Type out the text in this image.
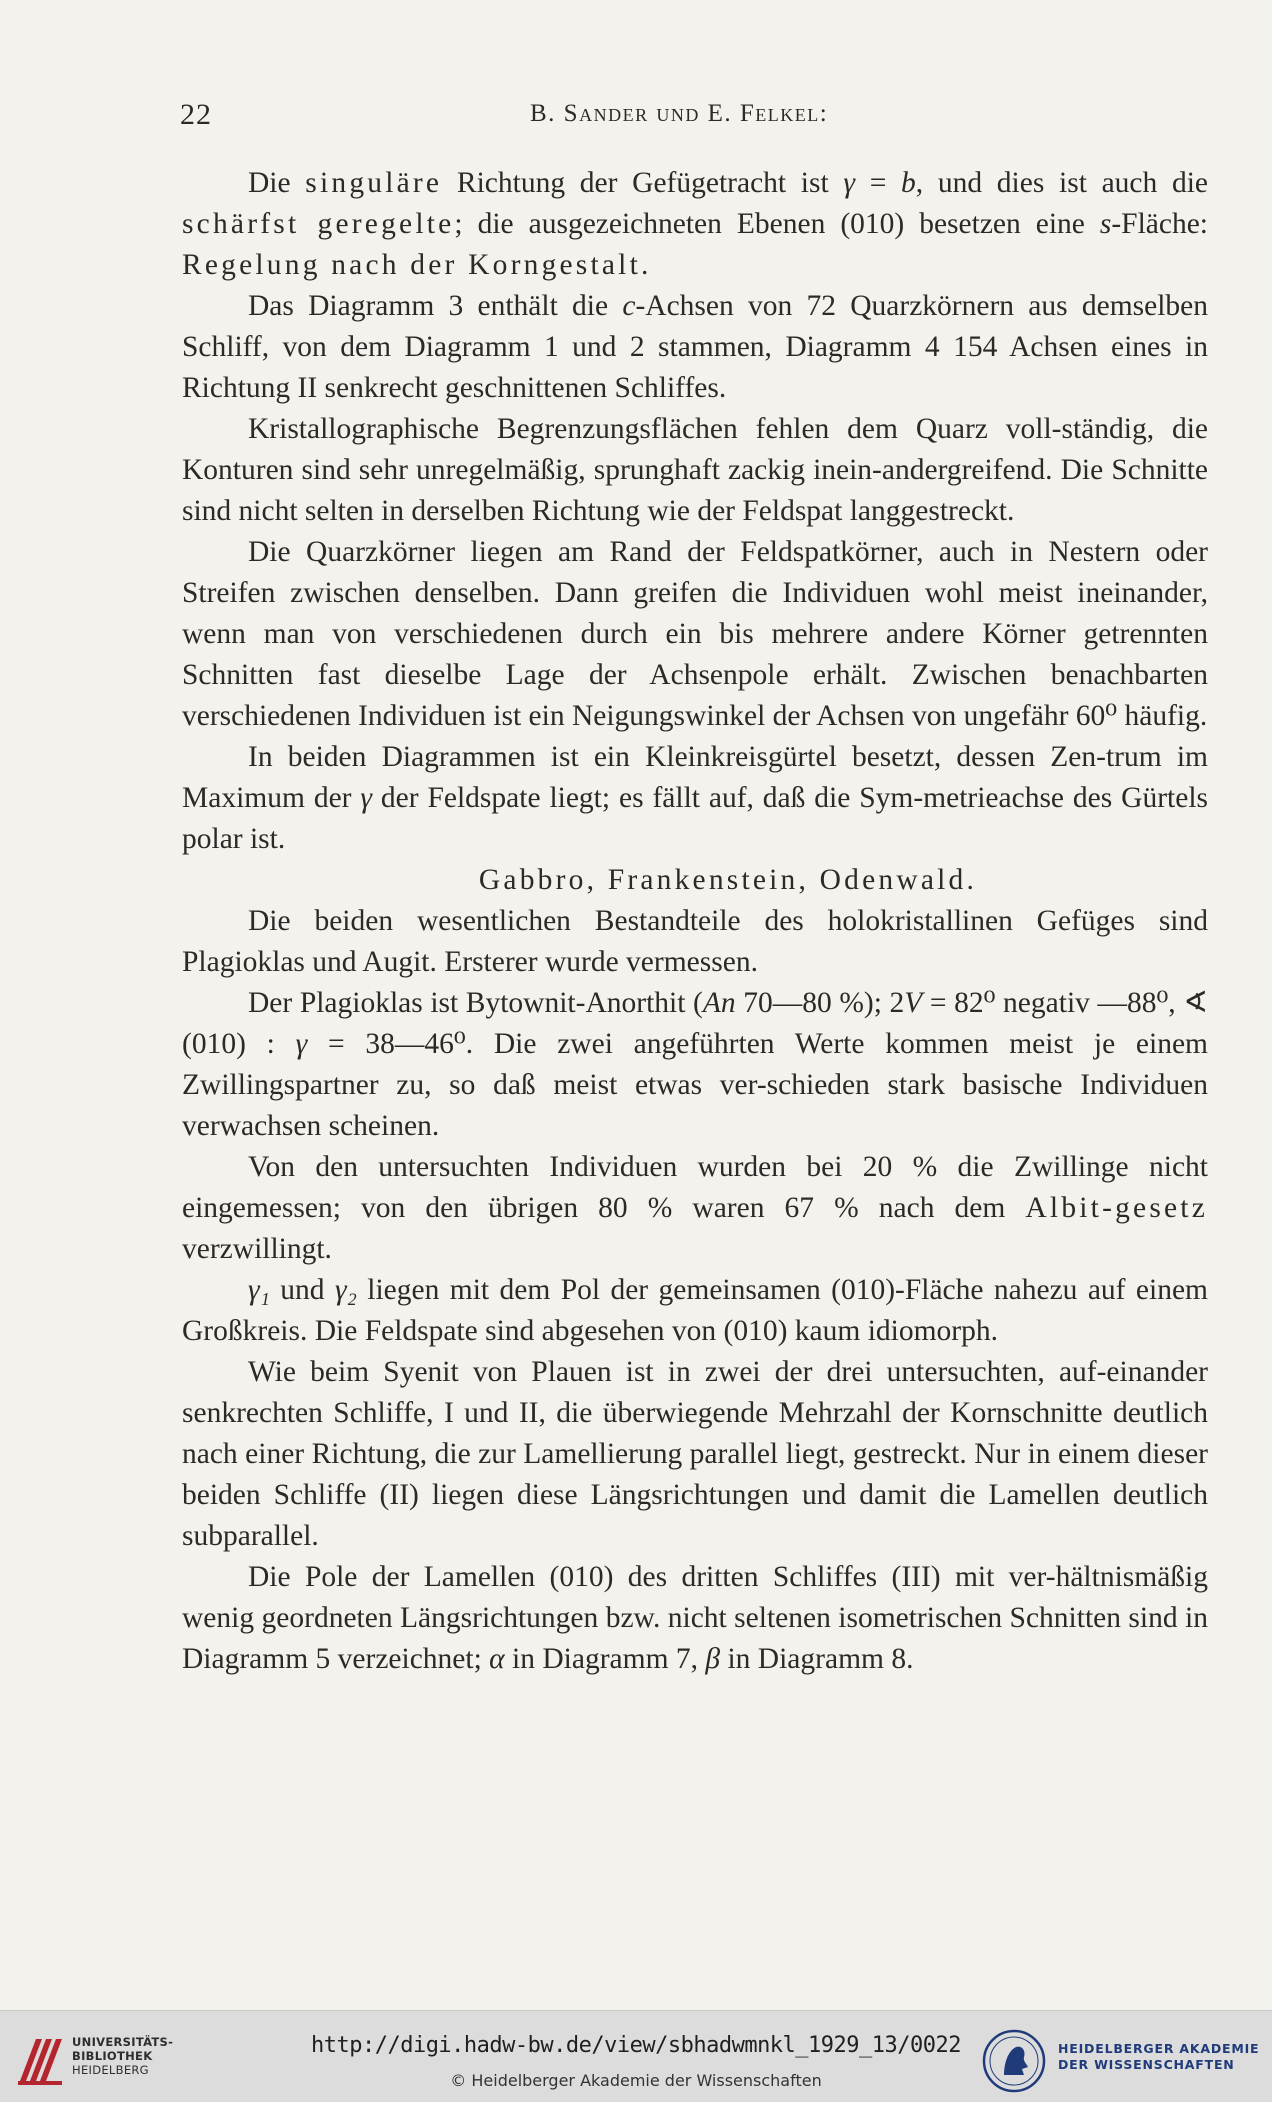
22	B. Sander und E. Felkel:

Die singuläre Richtung der Gefügetracht ist γ = b, und dies ist auch die schärfst geregelte; die ausgezeichneten Ebenen (010) besetzen eine s-Fläche: Regelung nach der Korngestalt.

Das Diagramm 3 enthält die c-Achsen von 72 Quarzkörnern aus demselben Schliff, von dem Diagramm 1 und 2 stammen, Diagramm 4 154 Achsen eines in Richtung II senkrecht geschnittenen Schliffes.

Kristallographische Begrenzungsflächen fehlen dem Quarz voll-ständig, die Konturen sind sehr unregelmäßig, sprunghaft zackig inein-andergreifend. Die Schnitte sind nicht selten in derselben Richtung wie der Feldspat langgestreckt.

Die Quarzkörner liegen am Rand der Feldspatkörner, auch in Nestern oder Streifen zwischen denselben. Dann greifen die Individuen wohl meist ineinander, wenn man von verschiedenen durch ein bis mehrere andere Körner getrennten Schnitten fast dieselbe Lage der Achsenpole erhält. Zwischen benachbarten verschiedenen Individuen ist ein Neigungswinkel der Achsen von ungefähr 60⁰ häufig.

In beiden Diagrammen ist ein Kleinkreisgürtel besetzt, dessen Zen-trum im Maximum der γ der Feldspate liegt; es fällt auf, daß die Sym-metrieachse des Gürtels polar ist.

Gabbro, Frankenstein, Odenwald.

Die beiden wesentlichen Bestandteile des holokristallinen Gefüges sind Plagioklas und Augit. Ersterer wurde vermessen.

Der Plagioklas ist Bytownit-Anorthit (An 70—80 %); 2V = 82⁰ negativ —88⁰, ∢ (010) : γ = 38—46⁰. Die zwei angeführten Werte kommen meist je einem Zwillingspartner zu, so daß meist etwas ver-schieden stark basische Individuen verwachsen scheinen.

Von den untersuchten Individuen wurden bei 20 % die Zwillinge nicht eingemessen; von den übrigen 80 % waren 67 % nach dem Albit-gesetz verzwillingt.

γ₁ und γ₂ liegen mit dem Pol der gemeinsamen (010)-Fläche nahezu auf einem Großkreis. Die Feldspate sind abgesehen von (010) kaum idiomorph.

Wie beim Syenit von Plauen ist in zwei der drei untersuchten, auf-einander senkrechten Schliffe, I und II, die überwiegende Mehrzahl der Kornschnitte deutlich nach einer Richtung, die zur Lamellierung parallel liegt, gestreckt. Nur in einem dieser beiden Schliffe (II) liegen diese Längsrichtungen und damit die Lamellen deutlich subparallel.

Die Pole der Lamellen (010) des dritten Schliffes (III) mit ver-hältnismäßig wenig geordneten Längsrichtungen bzw. nicht seltenen isometrischen Schnitten sind in Diagramm 5 verzeichnet; α in Diagramm 7, β in Diagramm 8.

UNIVERSITÄTS-
BIBLIOTHEK
HEIDELBERG
http://digi.hadw-bw.de/view/sbhadwmnkl_1929_13/0022
© Heidelberger Akademie der Wissenschaften
HEIDELBERGER AKADEMIE
DER WISSENSCHAFTEN
